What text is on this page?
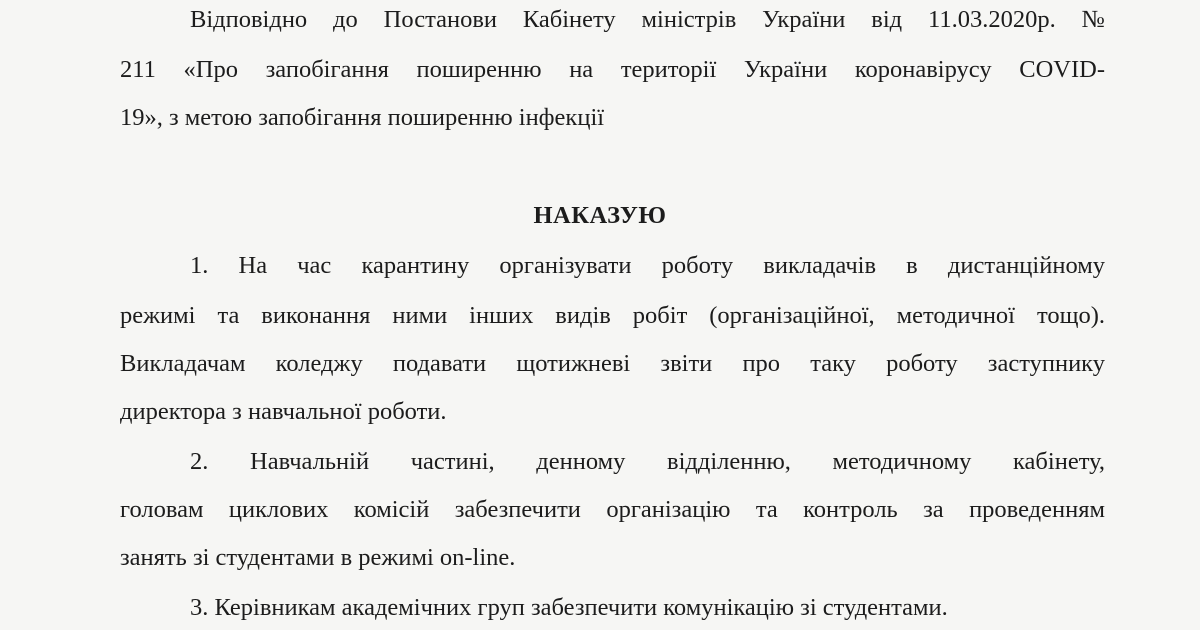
Відповідно до Постанови Кабінету міністрів України від 11.03.2020р. №
211 «Про запобігання поширенню на території України коронавірусу COVID-
19», з метою запобігання поширенню інфекції
НАКАЗУЮ
1. На час карантину організувати роботу викладачів в дистанційному
режимі та виконання ними інших видів робіт (організаційної, методичної тощо).
Викладачам коледжу подавати щотижневі звіти про таку роботу заступнику
директора з навчальної роботи.
2. Навчальній частині, денному відділенню, методичному кабінету,
головам циклових комісій забезпечити організацію та контроль за проведенням
занять зі студентами в режимі on-line.
3. Керівникам академічних груп забезпечити комунікацію зі студентами.
